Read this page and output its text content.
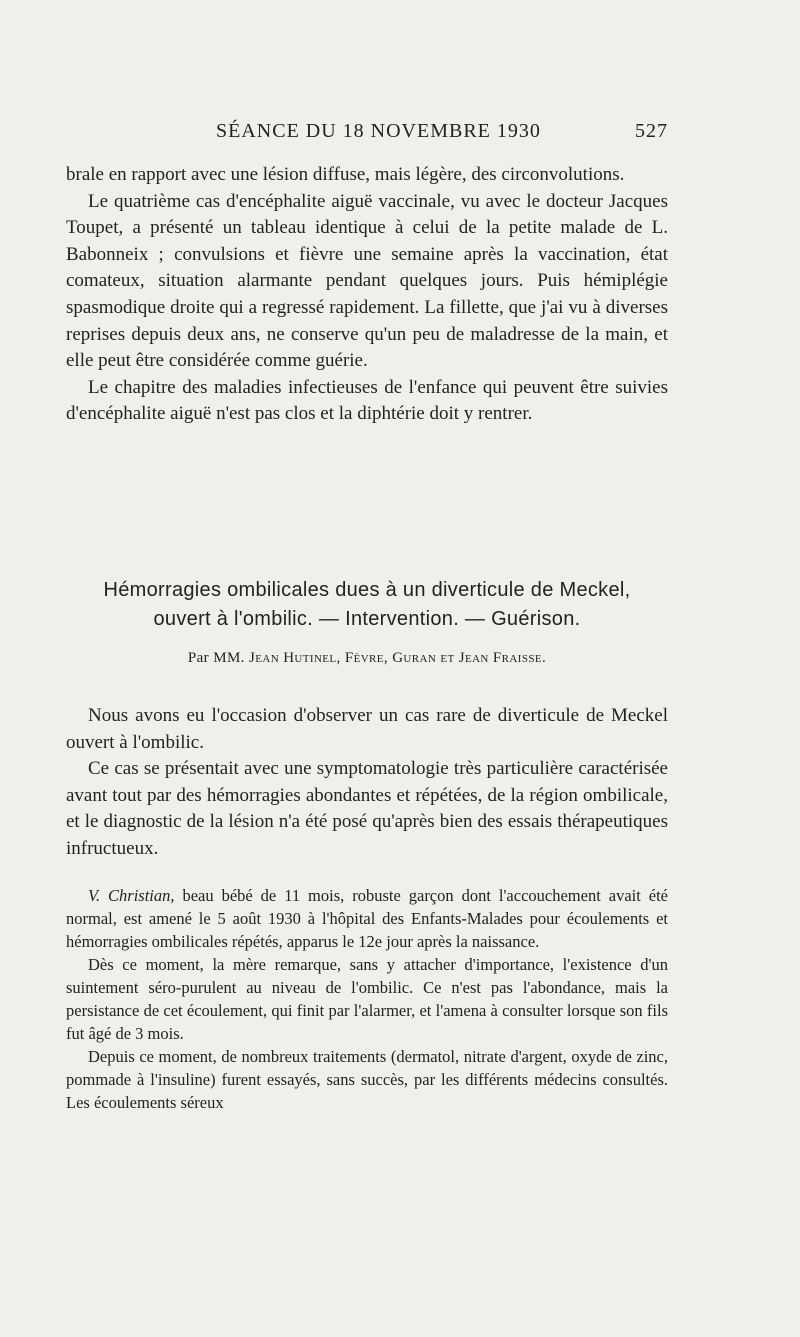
SÉANCE DU 18 NOVEMBRE 1930	527

brale en rapport avec une lésion diffuse, mais légère, des circonvolutions.

Le quatrième cas d'encéphalite aiguë vaccinale, vu avec le docteur Jacques Toupet, a présenté un tableau identique à celui de la petite malade de L. Babonneix ; convulsions et fièvre une semaine après la vaccination, état comateux, situation alarmante pendant quelques jours. Puis hémiplégie spasmodique droite qui a regressé rapidement. La fillette, que j'ai vu à diverses reprises depuis deux ans, ne conserve qu'un peu de maladresse de la main, et elle peut être considérée comme guérie.

Le chapitre des maladies infectieuses de l'enfance qui peuvent être suivies d'encéphalite aiguë n'est pas clos et la diphtérie doit y rentrer.

Hémorragies ombilicales dues à un diverticule de Meckel,
ouvert à l'ombilic. — Intervention. — Guérison.
Par MM. Jean Hutinel, Fèvre, Guran et Jean Fraisse.

Nous avons eu l'occasion d'observer un cas rare de diverticule de Meckel ouvert à l'ombilic.

Ce cas se présentait avec une symptomatologie très particulière caractérisée avant tout par des hémorragies abondantes et répétées, de la région ombilicale, et le diagnostic de la lésion n'a été posé qu'après bien des essais thérapeutiques infructueux.

V. Christian, beau bébé de 11 mois, robuste garçon dont l'accouchement avait été normal, est amené le 5 août 1930 à l'hôpital des Enfants-Malades pour écoulements et hémorragies ombilicales répétés, apparus le 12e jour après la naissance.

Dès ce moment, la mère remarque, sans y attacher d'importance, l'existence d'un suintement séro-purulent au niveau de l'ombilic. Ce n'est pas l'abondance, mais la persistance de cet écoulement, qui finit par l'alarmer, et l'amena à consulter lorsque son fils fut âgé de 3 mois.

Depuis ce moment, de nombreux traitements (dermatol, nitrate d'argent, oxyde de zinc, pommade à l'insuline) furent essayés, sans succès, par les différents médecins consultés. Les écoulements séreux
